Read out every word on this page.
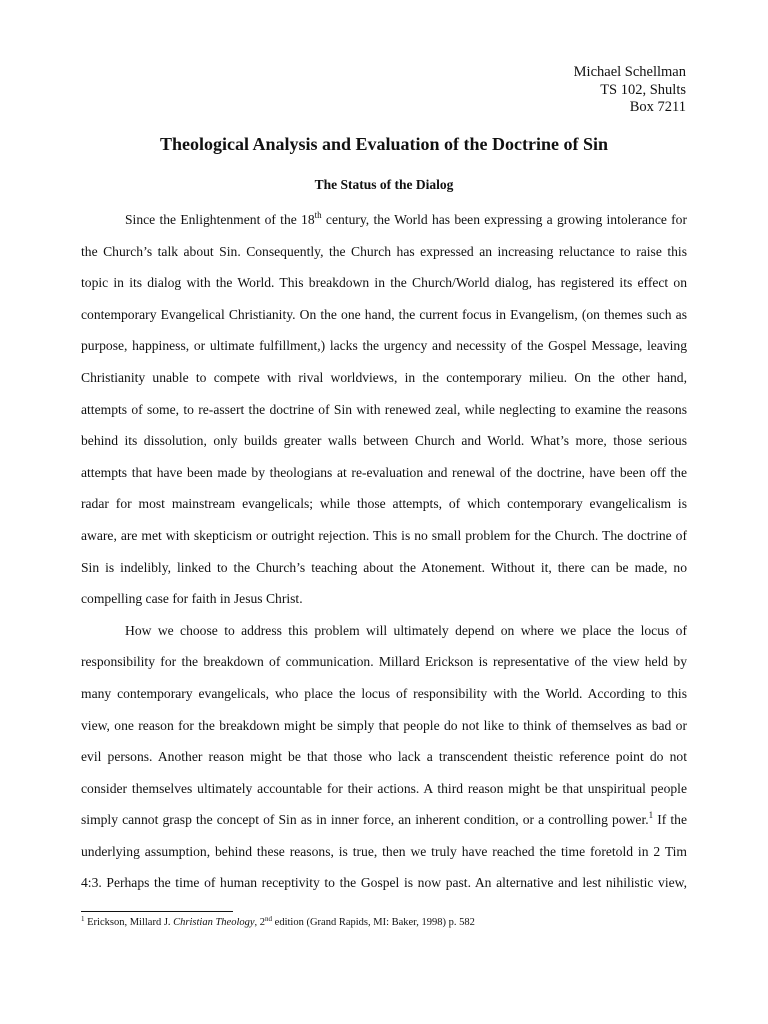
Michael Schellman
TS 102, Shults
Box 7211
Theological Analysis and Evaluation of the Doctrine of Sin
The Status of the Dialog
Since the Enlightenment of the 18th century, the World has been expressing a growing intolerance for
the Church’s talk about Sin. Consequently, the Church has expressed an increasing reluctance to raise this
topic in its dialog with the World. This breakdown in the Church/World dialog, has registered its effect on
contemporary Evangelical Christianity. On the one hand, the current focus in Evangelism, (on themes such as
purpose, happiness, or ultimate fulfillment,) lacks the urgency and necessity of the Gospel Message, leaving
Christianity unable to compete with rival worldviews, in the contemporary milieu. On the other hand,
attempts of some, to re-assert the doctrine of Sin with renewed zeal, while neglecting to examine the reasons
behind its dissolution, only builds greater walls between Church and World. What’s more, those serious
attempts that have been made by theologians at re-evaluation and renewal of the doctrine, have been off the
radar for most mainstream evangelicals; while those attempts, of which contemporary evangelicalism is
aware, are met with skepticism or outright rejection. This is no small problem for the Church. The doctrine of
Sin is indelibly, linked to the Church’s teaching about the Atonement. Without it, there can be made, no
compelling case for faith in Jesus Christ.
How we choose to address this problem will ultimately depend on where we place the locus of
responsibility for the breakdown of communication. Millard Erickson is representative of the view held by
many contemporary evangelicals, who place the locus of responsibility with the World. According to this
view, one reason for the breakdown might be simply that people do not like to think of themselves as bad or
evil persons. Another reason might be that those who lack a transcendent theistic reference point do not
consider themselves ultimately accountable for their actions. A third reason might be that unspiritual people
simply cannot grasp the concept of Sin as in inner force, an inherent condition, or a controlling power.$^1$ If the
underlying assumption, behind these reasons, is true, then we truly have reached the time foretold in 2 Tim
4:3. Perhaps the time of human receptivity to the Gospel is now past. An alternative and lest nihilistic view,
$^1$ Erickson, Millard J. Christian Theology, 2nd edition (Grand Rapids, MI: Baker, 1998) p. 582
